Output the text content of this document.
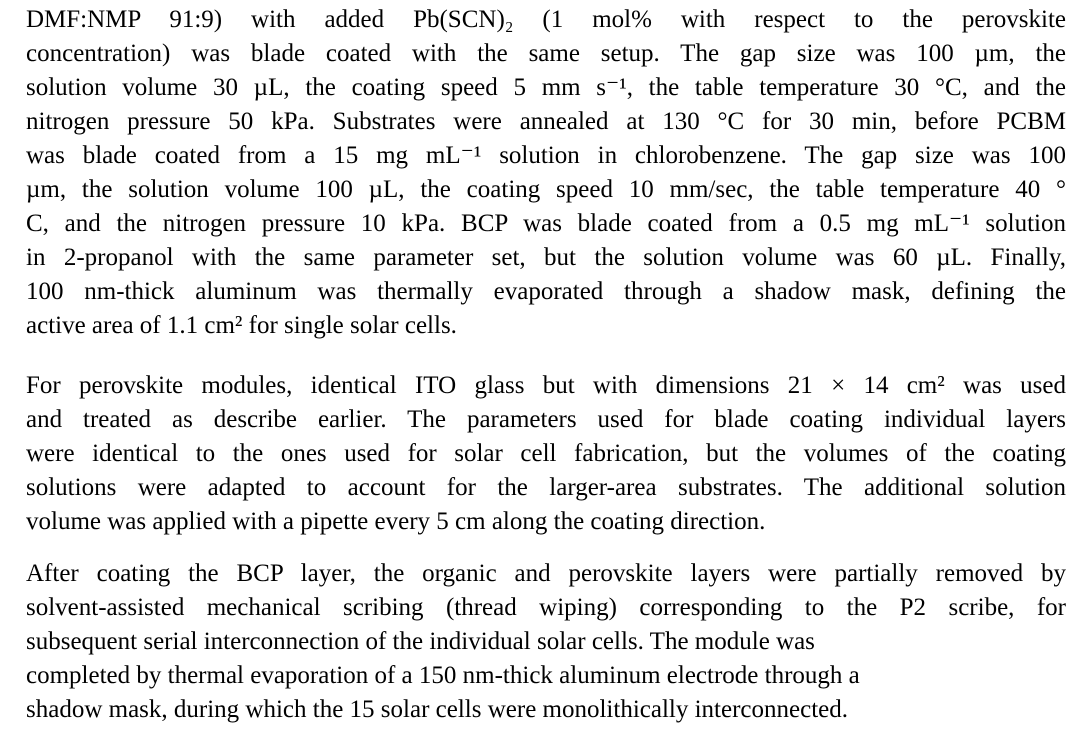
DMF:NMP 91:9) with added Pb(SCN)₂ (1 mol% with respect to the perovskite
concentration) was blade coated with the same setup. The gap size was 100 µm, the
solution volume 30 µL, the coating speed 5 mm s⁻¹, the table temperature 30 °C, and the
nitrogen pressure 50 kPa. Substrates were annealed at 130 °C for 30 min, before PCBM
was blade coated from a 15 mg mL⁻¹ solution in chlorobenzene. The gap size was 100
µm, the solution volume 100 µL, the coating speed 10 mm/sec, the table temperature 40 °
C, and the nitrogen pressure 10 kPa. BCP was blade coated from a 0.5 mg mL⁻¹ solution
in 2-propanol with the same parameter set, but the solution volume was 60 µL. Finally,
100 nm-thick aluminum was thermally evaporated through a shadow mask, defining the
active area of 1.1 cm² for single solar cells.
For perovskite modules, identical ITO glass but with dimensions 21 × 14 cm² was used
and treated as describe earlier. The parameters used for blade coating individual layers
were identical to the ones used for solar cell fabrication, but the volumes of the coating
solutions were adapted to account for the larger-area substrates. The additional solution
volume was applied with a pipette every 5 cm along the coating direction.
After coating the BCP layer, the organic and perovskite layers were partially removed by
solvent-assisted mechanical scribing (thread wiping) corresponding to the P2 scribe, for
subsequent serial interconnection of the individual solar cells. The module was
completed by thermal evaporation of a 150 nm-thick aluminum electrode through a
shadow mask, during which the 15 solar cells were monolithically interconnected.
